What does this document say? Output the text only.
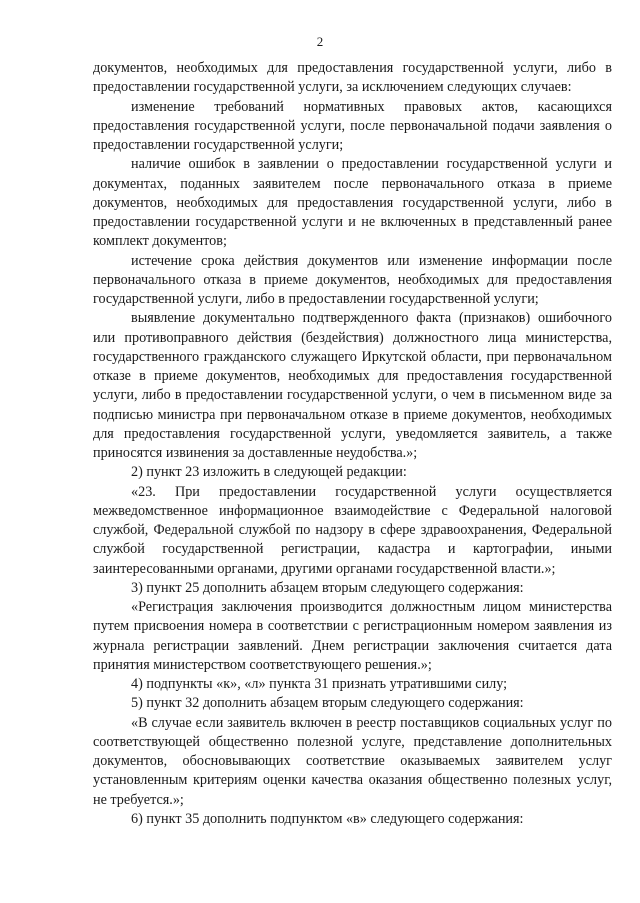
2

документов, необходимых для предоставления государственной услуги, либо в предоставлении государственной услуги, за исключением следующих случаев:

изменение требований нормативных правовых актов, касающихся предоставления государственной услуги, после первоначальной подачи заявления о предоставлении государственной услуги;

наличие ошибок в заявлении о предоставлении государственной услуги и документах, поданных заявителем после первоначального отказа в приеме документов, необходимых для предоставления государственной услуги, либо в предоставлении государственной услуги и не включенных в представленный ранее комплект документов;

истечение срока действия документов или изменение информации после первоначального отказа в приеме документов, необходимых для предоставления государственной услуги, либо в предоставлении государственной услуги;

выявление документально подтвержденного факта (признаков) ошибочного или противоправного действия (бездействия) должностного лица министерства, государственного гражданского служащего Иркутской области, при первоначальном отказе в приеме документов, необходимых для предоставления государственной услуги, либо в предоставлении государственной услуги, о чем в письменном виде за подписью министра при первоначальном отказе в приеме документов, необходимых для предоставления государственной услуги, уведомляется заявитель, а также приносятся извинения за доставленные неудобства.»;

2) пункт 23 изложить в следующей редакции:

«23. При предоставлении государственной услуги осуществляется межведомственное информационное взаимодействие с Федеральной налоговой службой, Федеральной службой по надзору в сфере здравоохранения, Федеральной службой государственной регистрации, кадастра и картографии, иными заинтересованными органами, другими органами государственной власти.»;

3) пункт 25 дополнить абзацем вторым следующего содержания:

«Регистрация заключения производится должностным лицом министерства путем присвоения номера в соответствии с регистрационным номером заявления из журнала регистрации заявлений. Днем регистрации заключения считается дата принятия министерством соответствующего решения.»;

4) подпункты «к», «л» пункта 31 признать утратившими силу;

5) пункт 32 дополнить абзацем вторым следующего содержания:

«В случае если заявитель включен в реестр поставщиков социальных услуг по соответствующей общественно полезной услуге, представление дополнительных документов, обосновывающих соответствие оказываемых заявителем услуг установленным критериям оценки качества оказания общественно полезных услуг, не требуется.»;

6) пункт 35 дополнить подпунктом «в» следующего содержания:
